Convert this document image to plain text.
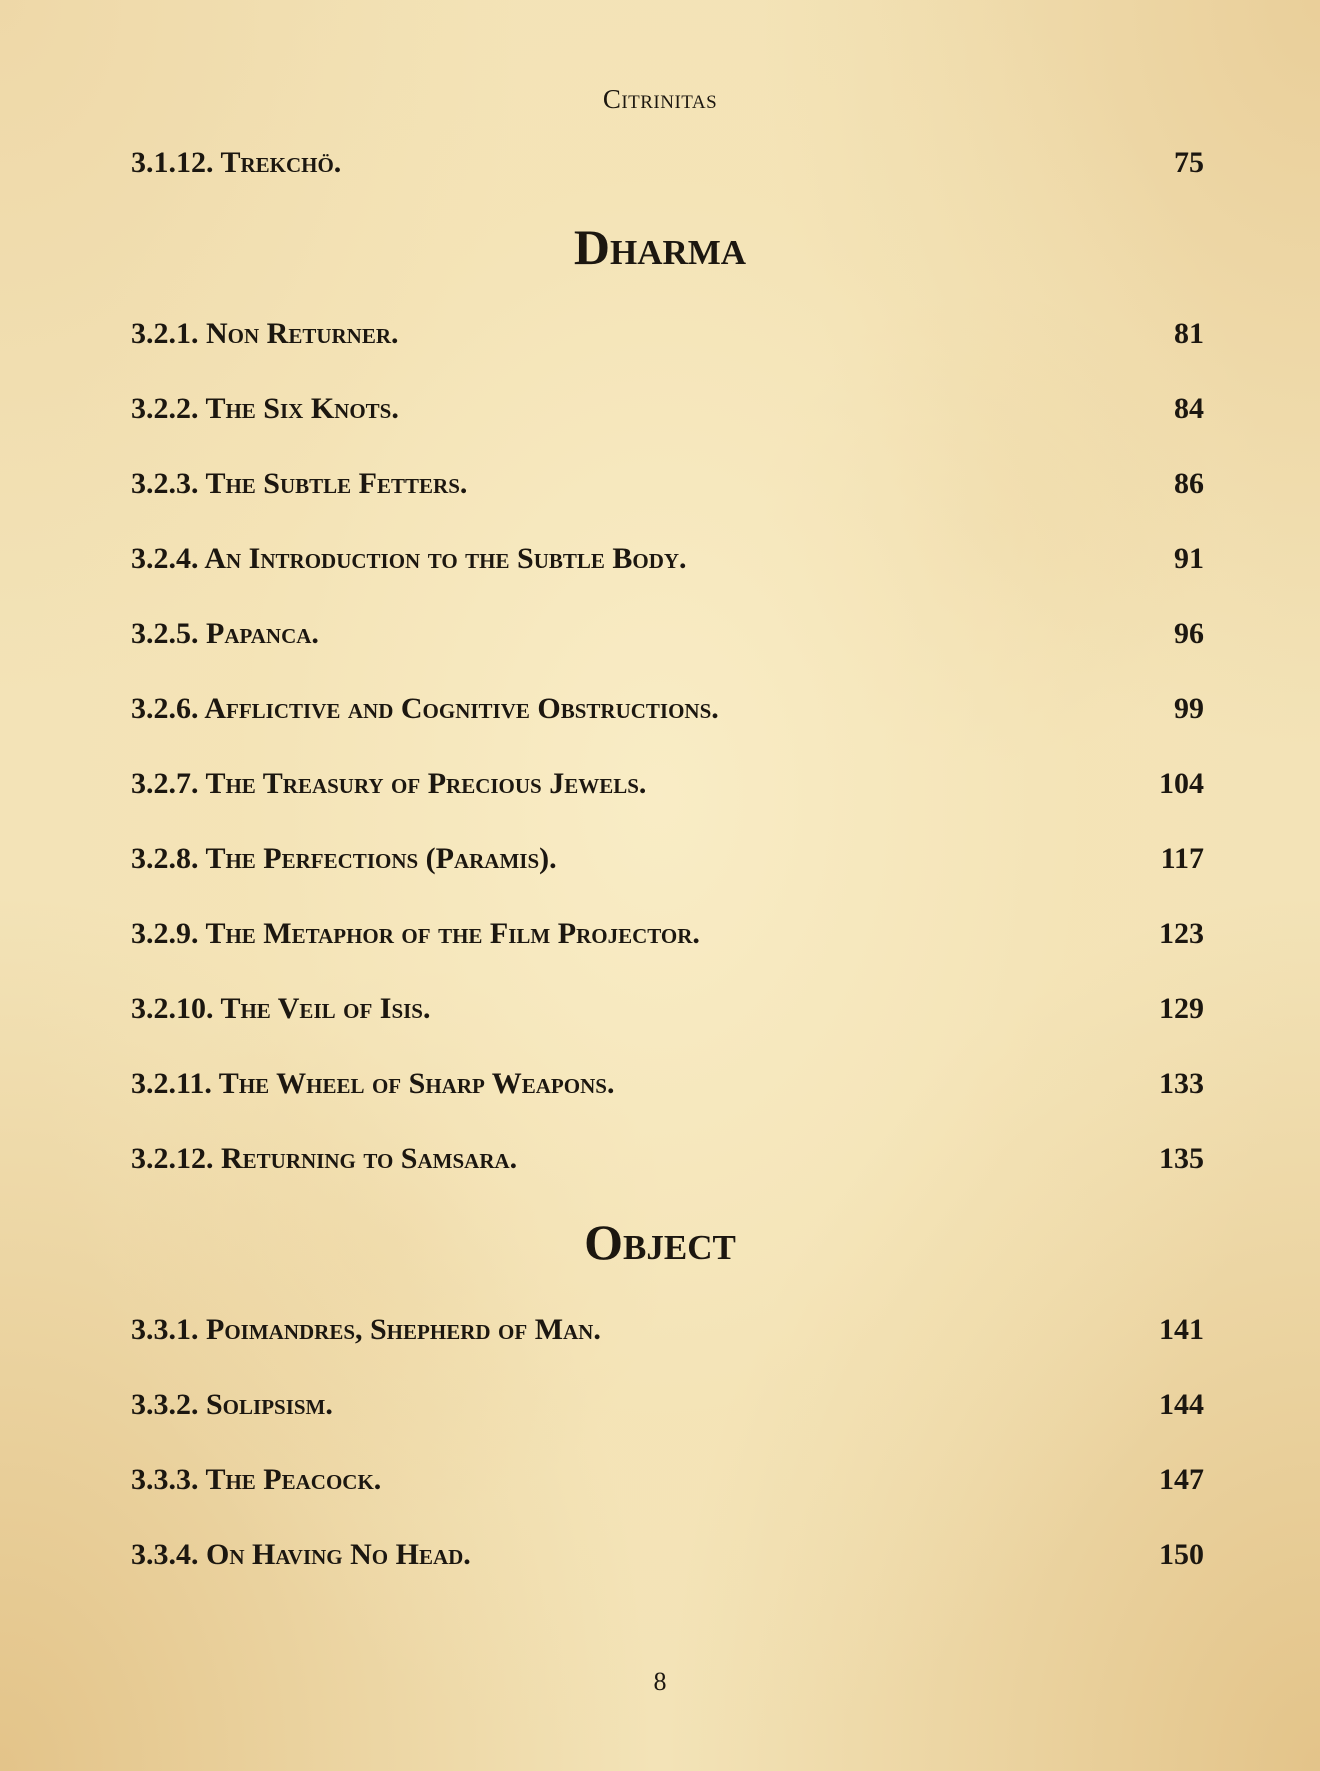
Citrinitas
3.1.12. Trekchö.	75
Dharma
3.2.1. Non Returner.	81
3.2.2. The Six Knots.	84
3.2.3. The Subtle Fetters.	86
3.2.4. An Introduction to the Subtle Body.	91
3.2.5. Papanca.	96
3.2.6. Afflictive and Cognitive Obstructions.	99
3.2.7. The Treasury of Precious Jewels.	104
3.2.8. The Perfections (Paramis).	117
3.2.9. The Metaphor of the Film Projector.	123
3.2.10. The Veil of Isis.	129
3.2.11. The Wheel of Sharp Weapons.	133
3.2.12. Returning to Samsara.	135
Object
3.3.1. Poimandres, Shepherd of Man.	141
3.3.2. Solipsism.	144
3.3.3. The Peacock.	147
3.3.4. On Having No Head.	150
8
